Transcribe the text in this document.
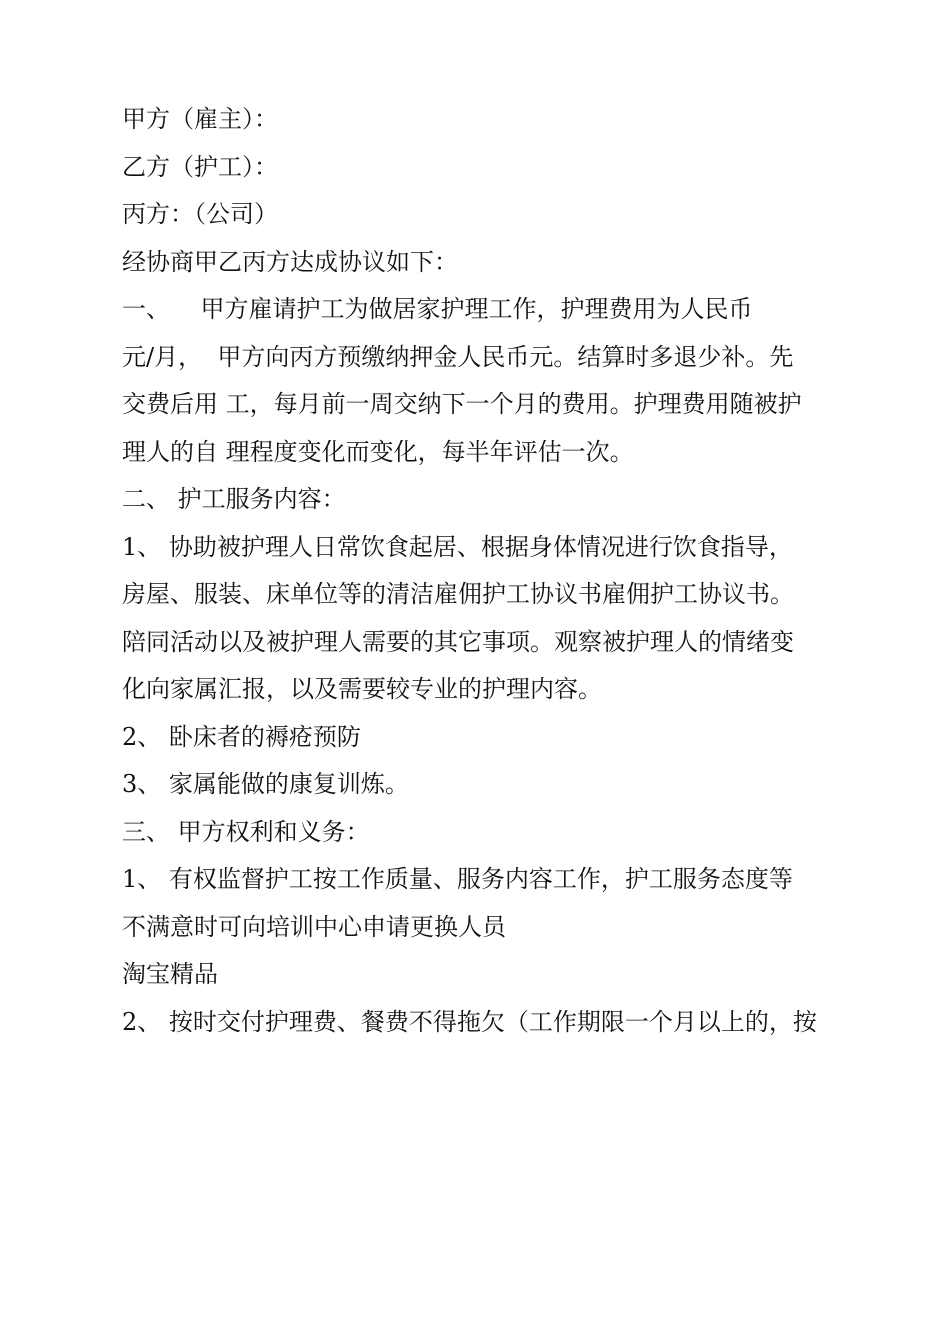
甲方（雇主）：
乙方（护工）：
丙方：（公司）
经协商甲乙丙方达成协议如下：
一、    甲方雇请护工为做居家护理工作，护理费用为人民币
元/月，  甲方向丙方预缴纳押金人民币元。结算时多退少补。先
交费后用 工，每月前一周交纳下一个月的费用。护理费用随被护
理人的自 理程度变化而变化，每半年评估一次。
二、 护工服务内容：
1、 协助被护理人日常饮食起居、根据身体情况进行饮食指导，
房屋、服装、床单位等的清洁雇佣护工协议书雇佣护工协议书。
陪同活动以及被护理人需要的其它事项。观察被护理人的情绪变
化向家属汇报，以及需要较专业的护理内容。
2、 卧床者的褥疮预防
3、 家属能做的康复训炼。
三、 甲方权利和义务：
1、 有权监督护工按工作质量、服务内容工作，护工服务态度等
不满意时可向培训中心申请更换人员
淘宝精品
2、 按时交付护理费、餐费不得拖欠（工作期限一个月以上的，按
